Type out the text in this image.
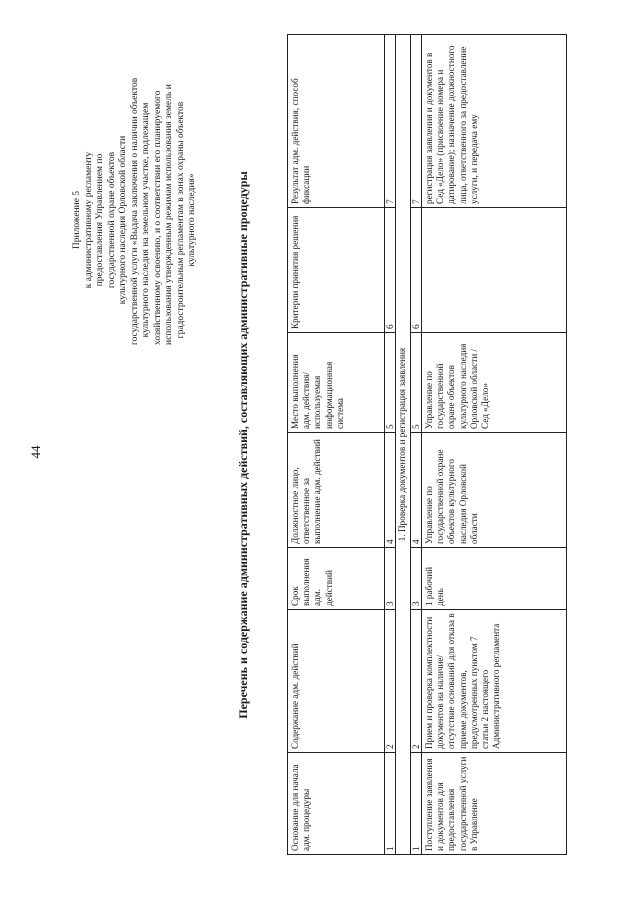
Приложение 5 к административному регламенту предоставления Управлением по государственной охране объектов культурного наследия Орловской области государственной услуги «Выдача заключения о наличии объектов культурного наследия на земельном участке, подлежащем хозяйственному освоению, и о соответствии его планируемого использования утвержденным режимам использования земель и градостроительным регламентам в зонах охраны объектов культурного наследия»	Перечень и содержание административных действий, составляющих административные процедуры
Основание для начала адм. процедуры	Содержание адм. действий	Срок выполнения адм. действий	Должностное лицо, ответственное за выполнение адм. действий	Место выполнения адм. действия/ используемая информационная система	Критерии принятия решения	Результат адм. действия, способ фиксации
1	2	3	4	5	6	7
1. Проверка документов и регистрация заявления						
1	2	3	4	5	6	7
Поступление заявления и документов для предоставления государственной услуги в Управление	Прием и проверка комплектности документов на наличие/отсутствие оснований для отказа в приеме документов, предусмотренных пунктом 7 статьи 2 настоящего Административного регламента	1 рабочий день	Управление по государственной охране объектов культурного наследия Орловской области	Управление по государственной охране объектов культурного наследия Орловской области / Сед «Дело»		регистрация заявления и документов в Сед «Дело» (присвоение номера и датирование); назначение должностного лица, ответственного за предоставление услуги, и передача ему
44
